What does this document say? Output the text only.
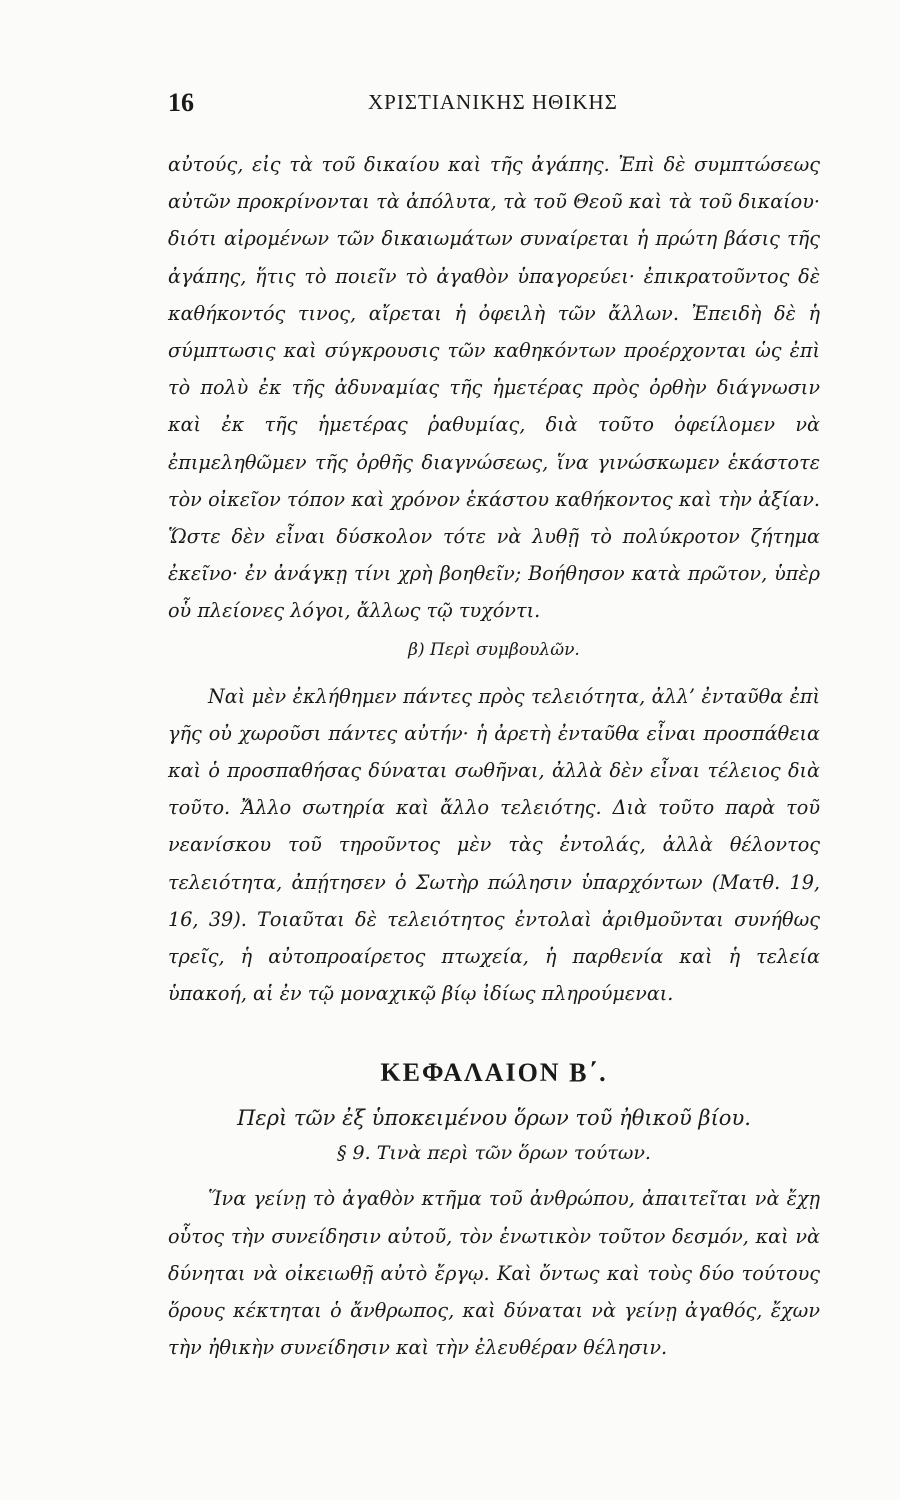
16	ΧΡΙΣΤΙΑΝΙΚΗΣ ΗΘΙΚΗΣ

αὐτούς, εἰς τὰ τοῦ δικαίου καὶ τῆς ἀγάπης. Ἐπὶ δὲ συμπτώσεως αὐτῶν προκρίνονται τὰ ἀπόλυτα, τὰ τοῦ Θεοῦ καὶ τὰ τοῦ δικαίου· διότι αἰρομένων τῶν δικαιωμάτων συναίρεται ἡ πρώτη βάσις τῆς ἀγάπης, ἥτις τὸ ποιεῖν τὸ ἀγαθὸν ὑπαγορεύει· ἐπικρατοῦντος δὲ καθήκοντός τινος, αἴρεται ἡ ὀφειλὴ τῶν ἄλλων. Ἐπειδὴ δὲ ἡ σύμπτωσις καὶ σύγκρουσις τῶν καθηκόντων προέρχονται ὡς ἐπὶ τὸ πολὺ ἐκ τῆς ἀδυναμίας τῆς ἡμετέρας πρὸς ὀρθὴν διάγνωσιν καὶ ἐκ τῆς ἡμετέρας ῥαθυμίας, διὰ τοῦτο ὀφείλομεν νὰ ἐπιμεληθῶμεν τῆς ὀρθῆς διαγνώσεως, ἵνα γινώσκωμεν ἑκάστοτε τὸν οἰκεῖον τόπον καὶ χρόνον ἑκάστου καθήκοντος καὶ τὴν ἀξίαν. Ὥστε δὲν εἶναι δύσκολον τότε νὰ λυθῇ τὸ πολύκροτον ζήτημα ἐκεῖνο· ἐν ἀνάγκῃ τίνι χρὴ βοηθεῖν; Βοήθησον κατὰ πρῶτον, ὑπὲρ οὗ πλείονες λόγοι, ἄλλως τῷ τυχόντι.

β) Περὶ συμβουλῶν.

Ναὶ μὲν ἐκλήθημεν πάντες πρὸς τελειότητα, ἀλλ’ ἐνταῦθα ἐπὶ γῆς οὐ χωροῦσι πάντες αὐτήν· ἡ ἀρετὴ ἐνταῦθα εἶναι προσπάθεια καὶ ὁ προσπαθήσας δύναται σωθῆναι, ἀλλὰ δὲν εἶναι τέλειος διὰ τοῦτο. Ἄλλο σωτηρία καὶ ἄλλο τελειότης. Διὰ τοῦτο παρὰ τοῦ νεανίσκου τοῦ τηροῦντος μὲν τὰς ἐντολάς, ἀλλὰ θέλοντος τελειότητα, ἀπῄτησεν ὁ Σωτὴρ πώλησιν ὑπαρχόντων (Ματθ. 19, 16, 39). Τοιαῦται δὲ τελειότητος ἐντολαὶ ἀριθμοῦνται συνήθως τρεῖς, ἡ αὐτοπροαίρετος πτωχεία, ἡ παρθενία καὶ ἡ τελεία ὑπακοή, αἱ ἐν τῷ μοναχικῷ βίῳ ἰδίως πληρούμεναι.

ΚΕΦΑΛΑΙΟΝ Β΄.
Περὶ τῶν ἐξ ὑποκειμένου ὅρων τοῦ ἠθικοῦ βίου.
§ 9. Τινὰ περὶ τῶν ὅρων τούτων.

Ἵνα γείνῃ τὸ ἀγαθὸν κτῆμα τοῦ ἀνθρώπου, ἀπαιτεῖται νὰ ἔχῃ οὗτος τὴν συνείδησιν αὐτοῦ, τὸν ἑνωτικὸν τοῦτον δεσμόν, καὶ νὰ δύνηται νὰ οἰκειωθῇ αὐτὸ ἔργῳ. Καὶ ὄντως καὶ τοὺς δύο τούτους ὅρους κέκτηται ὁ ἄνθρωπος, καὶ δύναται νὰ γείνῃ ἀγαθός, ἔχων τὴν ἠθικὴν συνείδησιν καὶ τὴν ἐλευθέραν θέλησιν.
